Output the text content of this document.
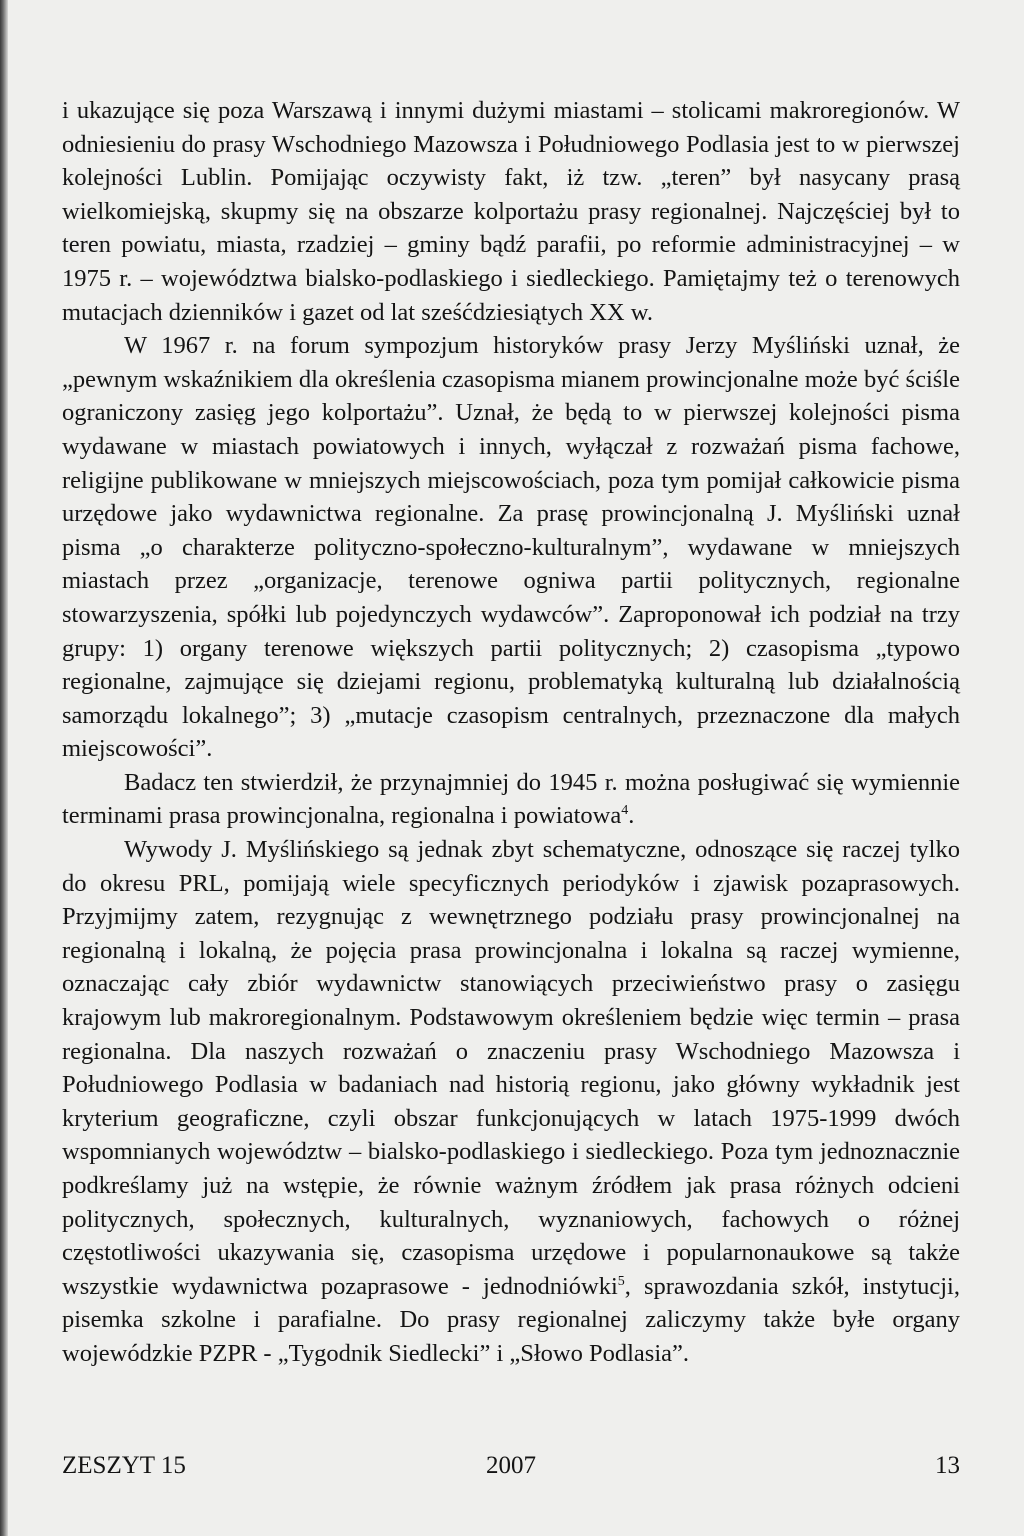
i ukazujące się poza Warszawą i innymi dużymi miastami – stolicami makroregionów. W odniesieniu do prasy Wschodniego Mazowsza i Południowego Podlasia jest to w pierwszej kolejności Lublin. Pomijając oczywisty fakt, iż tzw. „teren” był nasycany prasą wielkomiejską, skupmy się na obszarze kolportażu prasy regionalnej. Najczęściej był to teren powiatu, miasta, rzadziej – gminy bądź parafii, po reformie administracyjnej – w 1975 r. – województwa bialsko-podlaskiego i siedleckiego. Pamiętajmy też o terenowych mutacjach dzienników i gazet od lat sześćdziesiątych XX w.

W 1967 r. na forum sympozjum historyków prasy Jerzy Myśliński uznał, że „pewnym wskaźnikiem dla określenia czasopisma mianem prowincjonalne może być ściśle ograniczony zasięg jego kolportażu”. Uznał, że będą to w pierwszej kolejności pisma wydawane w miastach powiatowych i innych, wyłączał z rozważań pisma fachowe, religijne publikowane w mniejszych miejscowościach, poza tym pomijał całkowicie pisma urzędowe jako wydawnictwa regionalne. Za prasę prowincjonalną J. Myśliński uznał pisma „o charakterze polityczno-społeczno-kulturalnym”, wydawane w mniejszych miastach przez „organizacje, terenowe ogniwa partii politycznych, regionalne stowarzyszenia, spółki lub pojedynczych wydawców”. Zaproponował ich podział na trzy grupy: 1) organy terenowe większych partii politycznych; 2) czasopisma „typowo regionalne, zajmujące się dziejami regionu, problematyką kulturalną lub działalnością samorządu lokalnego”; 3) „mutacje czasopism centralnych, przeznaczone dla małych miejscowości”.

Badacz ten stwierdził, że przynajmniej do 1945 r. można posługiwać się wymiennie terminami prasa prowincjonalna, regionalna i powiatowa$^4$.

Wywody J. Myślińskiego są jednak zbyt schematyczne, odnoszące się raczej tylko do okresu PRL, pomijają wiele specyficznych periodyków i zjawisk pozaprasowych. Przyjmijmy zatem, rezygnując z wewnętrznego podziału prasy prowincjonalnej na regionalną i lokalną, że pojęcia prasa prowincjonalna i lokalna są raczej wymienne, oznaczając cały zbiór wydawnictw stanowiących przeciwieństwo prasy o zasięgu krajowym lub makroregionalnym. Podstawowym określeniem będzie więc termin – prasa regionalna. Dla naszych rozważań o znaczeniu prasy Wschodniego Mazowsza i Południowego Podlasia w badaniach nad historią regionu, jako główny wykładnik jest kryterium geograficzne, czyli obszar funkcjonujących w latach 1975-1999 dwóch wspomnianych województw – bialsko-podlaskiego i siedleckiego. Poza tym jednoznacznie podkreślamy już na wstępie, że równie ważnym źródłem jak prasa różnych odcieni politycznych, społecznych, kulturalnych, wyznaniowych, fachowych o różnej częstotliwości ukazywania się, czasopisma urzędowe i popularnonaukowe są także wszystkie wydawnictwa pozaprasowe - jednodniówki$^5$, sprawozdania szkół, instytucji, pisemka szkolne i parafialne. Do prasy regionalnej zaliczymy także byłe organy wojewódzkie PZPR - „Tygodnik Siedlecki” i „Słowo Podlasia”.

ZESZYT 15	2007	13
